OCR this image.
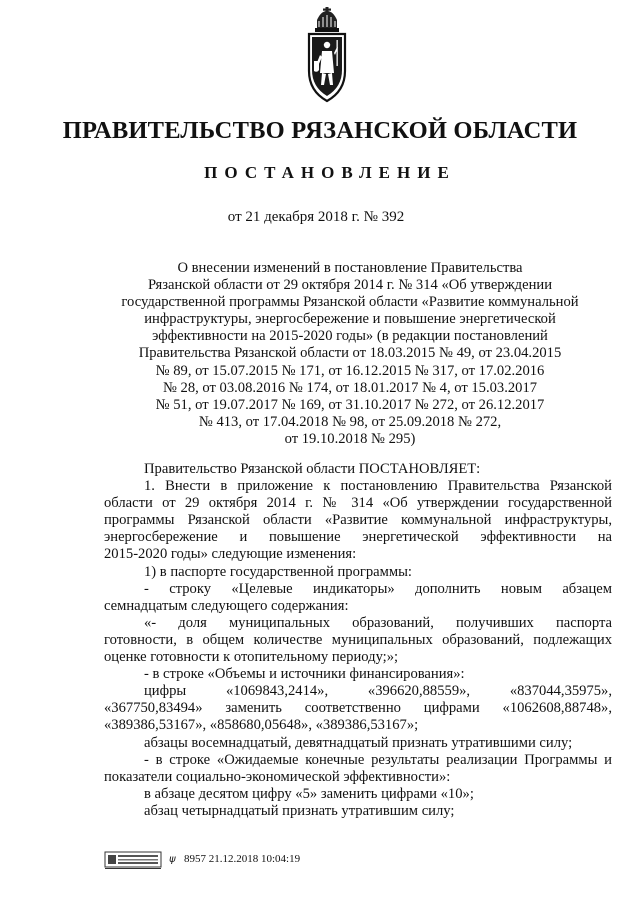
ПРАВИТЕЛЬСТВО РЯЗАНСКОЙ ОБЛАСТИ
ПОСТАНОВЛЕНИЕ
от 21 декабря 2018 г. № 392
О внесении изменений в постановление Правительства
Рязанской области от 29 октября 2014 г. № 314 «Об утверждении
государственной программы Рязанской области «Развитие коммунальной
инфраструктуры, энергосбережение и повышение энергетической
эффективности на 2015-2020 годы» (в редакции постановлений
Правительства Рязанской области от 18.03.2015 № 49, от 23.04.2015
№ 89, от 15.07.2015 № 171, от 16.12.2015 № 317, от 17.02.2016
№ 28, от 03.08.2016 № 174, от 18.01.2017 № 4, от 15.03.2017
№ 51, от 19.07.2017 № 169, от 31.10.2017 № 272, от 26.12.2017
№ 413, от 17.04.2018 № 98, от 25.09.2018 № 272,
от 19.10.2018 № 295)
Правительство Рязанской области ПОСТАНОВЛЯЕТ:
1. Внести в приложение к постановлению Правительства Рязанской
области от 29 октября 2014 г. № 314 «Об утверждении государственной
программы Рязанской области «Развитие коммунальной инфраструктуры,
энергосбережение и повышение энергетической эффективности на
2015-2020 годы» следующие изменения:
1) в паспорте государственной программы:
- строку «Целевые индикаторы» дополнить новым абзацем
семнадцатым следующего содержания:
«- доля муниципальных образований, получивших паспорта
готовности, в общем количестве муниципальных образований, подлежащих
оценке готовности к отопительному периоду;»;
- в строке «Объемы и источники финансирования»:
цифры «1069843,2414», «396620,88559», «837044,35975»,
«367750,83494» заменить соответственно цифрами «1062608,88748»,
«389386,53167», «858680,05648», «389386,53167»;
абзацы восемнадцатый, девятнадцатый признать утратившими силу;
- в строке «Ожидаемые конечные результаты реализации Программы и
показатели социально-экономической эффективности»:
в абзаце десятом цифру «5» заменить цифрами «10»;
абзац четырнадцатый признать утратившим силу;
ψ 8957 21.12.2018 10:04:19
